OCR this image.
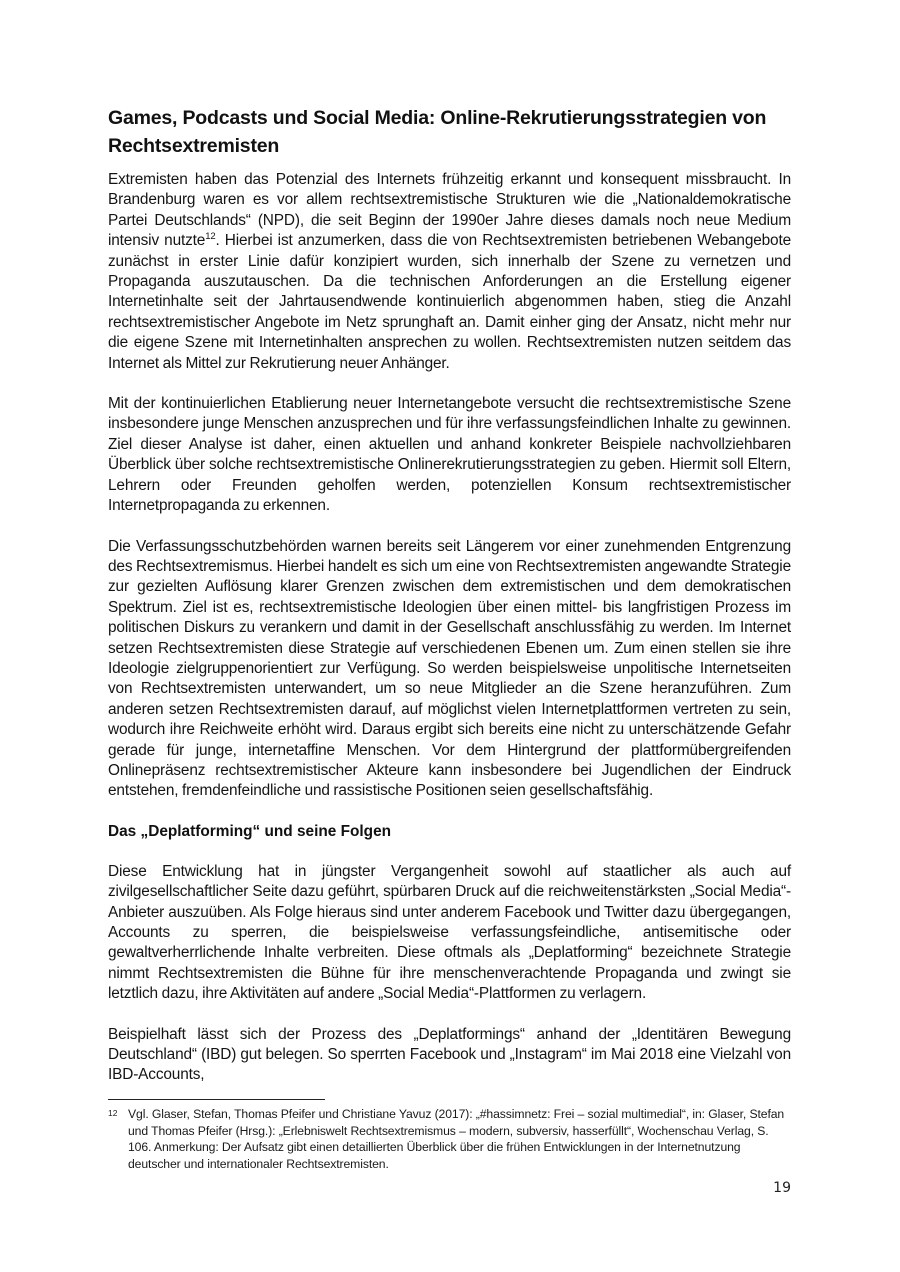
Games, Podcasts und Social Media: Online-Rekrutierungsstrategien von Rechtsextremisten

Extremisten haben das Potenzial des Internets frühzeitig erkannt und konsequent missbraucht. In Brandenburg waren es vor allem rechtsextremistische Strukturen wie die „Nationaldemokratische Partei Deutschlands“ (NPD), die seit Beginn der 1990er Jahre dieses damals noch neue Medium intensiv nutzte$^{12}$. Hierbei ist anzumerken, dass die von Rechtsextremisten betriebenen Webangebote zunächst in erster Linie dafür konzipiert wurden, sich innerhalb der Szene zu vernetzen und Propaganda auszutauschen. Da die technischen Anforderungen an die Erstellung eigener Internetinhalte seit der Jahrtausendwende kontinuierlich abgenommen haben, stieg die Anzahl rechtsextremistischer Angebote im Netz sprunghaft an. Damit einher ging der Ansatz, nicht mehr nur die eigene Szene mit Internetinhalten ansprechen zu wollen. Rechtsextremisten nutzen seitdem das Internet als Mittel zur Rekrutierung neuer Anhänger.

Mit der kontinuierlichen Etablierung neuer Internetangebote versucht die rechtsextremistische Szene insbesondere junge Menschen anzusprechen und für ihre verfassungsfeindlichen Inhalte zu gewinnen. Ziel dieser Analyse ist daher, einen aktuellen und anhand konkreter Beispiele nachvollziehbaren Überblick über solche rechtsextremistische Onlinerekrutierungsstrategien zu geben. Hiermit soll Eltern, Lehrern oder Freunden geholfen werden, potenziellen Konsum rechtsextremistischer Internetpropaganda zu erkennen.

Die Verfassungsschutzbehörden warnen bereits seit Längerem vor einer zunehmenden Entgrenzung des Rechtsextremismus. Hierbei handelt es sich um eine von Rechtsextremisten angewandte Strategie zur gezielten Auflösung klarer Grenzen zwischen dem extremistischen und dem demokratischen Spektrum. Ziel ist es, rechtsextremistische Ideologien über einen mittel- bis langfristigen Prozess im politischen Diskurs zu verankern und damit in der Gesellschaft anschlussfähig zu werden. Im Internet setzen Rechtsextremisten diese Strategie auf verschiedenen Ebenen um. Zum einen stellen sie ihre Ideologie zielgruppenorientiert zur Verfügung. So werden beispielsweise unpolitische Internetseiten von Rechtsextremisten unterwandert, um so neue Mitglieder an die Szene heranzuführen. Zum anderen setzen Rechtsextremisten darauf, auf möglichst vielen Internetplattformen vertreten zu sein, wodurch ihre Reichweite erhöht wird. Daraus ergibt sich bereits eine nicht zu unterschätzende Gefahr gerade für junge, internetaffine Menschen. Vor dem Hintergrund der plattformübergreifenden Onlinepräsenz rechtsextremistischer Akteure kann insbesondere bei Jugendlichen der Eindruck entstehen, fremdenfeindliche und rassistische Positionen seien gesellschaftsfähig.

Das „Deplatforming“ und seine Folgen

Diese Entwicklung hat in jüngster Vergangenheit sowohl auf staatlicher als auch auf zivilgesellschaftlicher Seite dazu geführt, spürbaren Druck auf die reichweitenstärksten „Social Media“-Anbieter auszuüben. Als Folge hieraus sind unter anderem Facebook und Twitter dazu übergegangen, Accounts zu sperren, die beispielsweise verfassungsfeindliche, antisemitische oder gewaltverherrlichende Inhalte verbreiten. Diese oftmals als „Deplatforming“ bezeichnete Strategie nimmt Rechtsextremisten die Bühne für ihre menschenverachtende Propaganda und zwingt sie letztlich dazu, ihre Aktivitäten auf andere „Social Media“-Plattformen zu verlagern.

Beispielhaft lässt sich der Prozess des „Deplatformings“ anhand der „Identitären Bewegung Deutschland“ (IBD) gut belegen. So sperrten Facebook und „Instagram“ im Mai 2018 eine Vielzahl von IBD-Accounts,

12 Vgl. Glaser, Stefan, Thomas Pfeifer und Christiane Yavuz (2017): „#hassimnetz: Frei – sozial multimedial“, in: Glaser, Stefan und Thomas Pfeifer (Hrsg.): „Erlebniswelt Rechtsextremismus – modern, subversiv, hasserfüllt“, Wochenschau Verlag, S. 106. Anmerkung: Der Aufsatz gibt einen detaillierten Überblick über die frühen Entwicklungen in der Internetnutzung deutscher und internationaler Rechtsextremisten.
19
